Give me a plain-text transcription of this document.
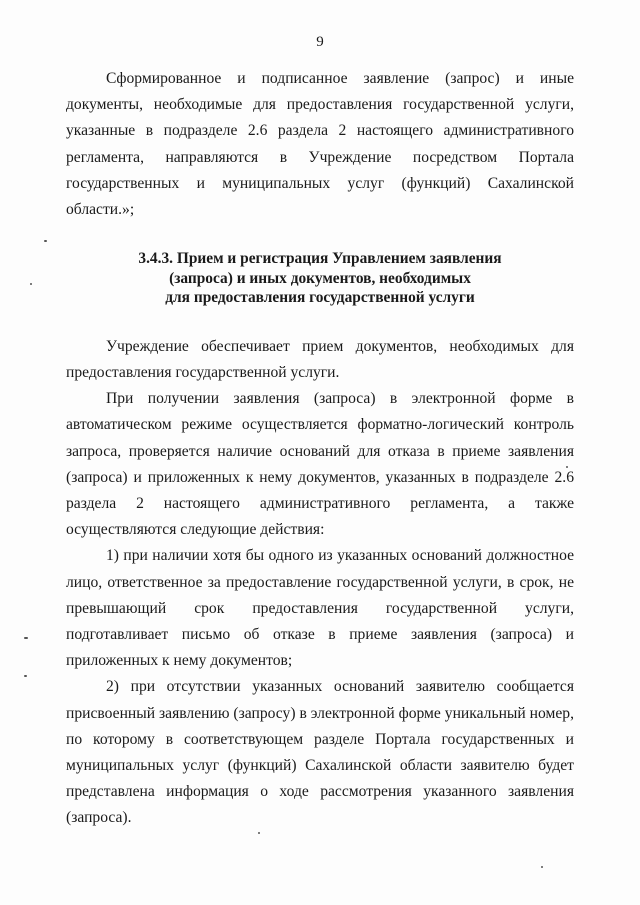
9

Сформированное и подписанное заявление (запрос) и иные документы, необходимые для предоставления государственной услуги, указанные в подразделе 2.6 раздела 2 настоящего административного регламента, направляются в Учреждение посредством Портала государственных и муниципальных услуг (функций) Сахалинской области.»;

3.4.3. Прием и регистрация Управлением заявления
(запроса) и иных документов, необходимых
для предоставления государственной услуги

Учреждение обеспечивает прием документов, необходимых для предоставления государственной услуги.

При получении заявления (запроса) в электронной форме в автоматическом режиме осуществляется форматно-логический контроль запроса, проверяется наличие оснований для отказа в приеме заявления (запроса) и приложенных к нему документов, указанных в подразделе 2.6 раздела 2 настоящего административного регламента, а также осуществляются следующие действия:

1) при наличии хотя бы одного из указанных оснований должностное лицо, ответственное за предоставление государственной услуги, в срок, не превышающий срок предоставления государственной услуги, подготавливает письмо об отказе в приеме заявления (запроса) и приложенных к нему документов;

2) при отсутствии указанных оснований заявителю сообщается присвоенный заявлению (запросу) в электронной форме уникальный номер, по которому в соответствующем разделе Портала государственных и муниципальных услуг (функций) Сахалинской области заявителю будет представлена информация о ходе рассмотрения указанного заявления (запроса).
